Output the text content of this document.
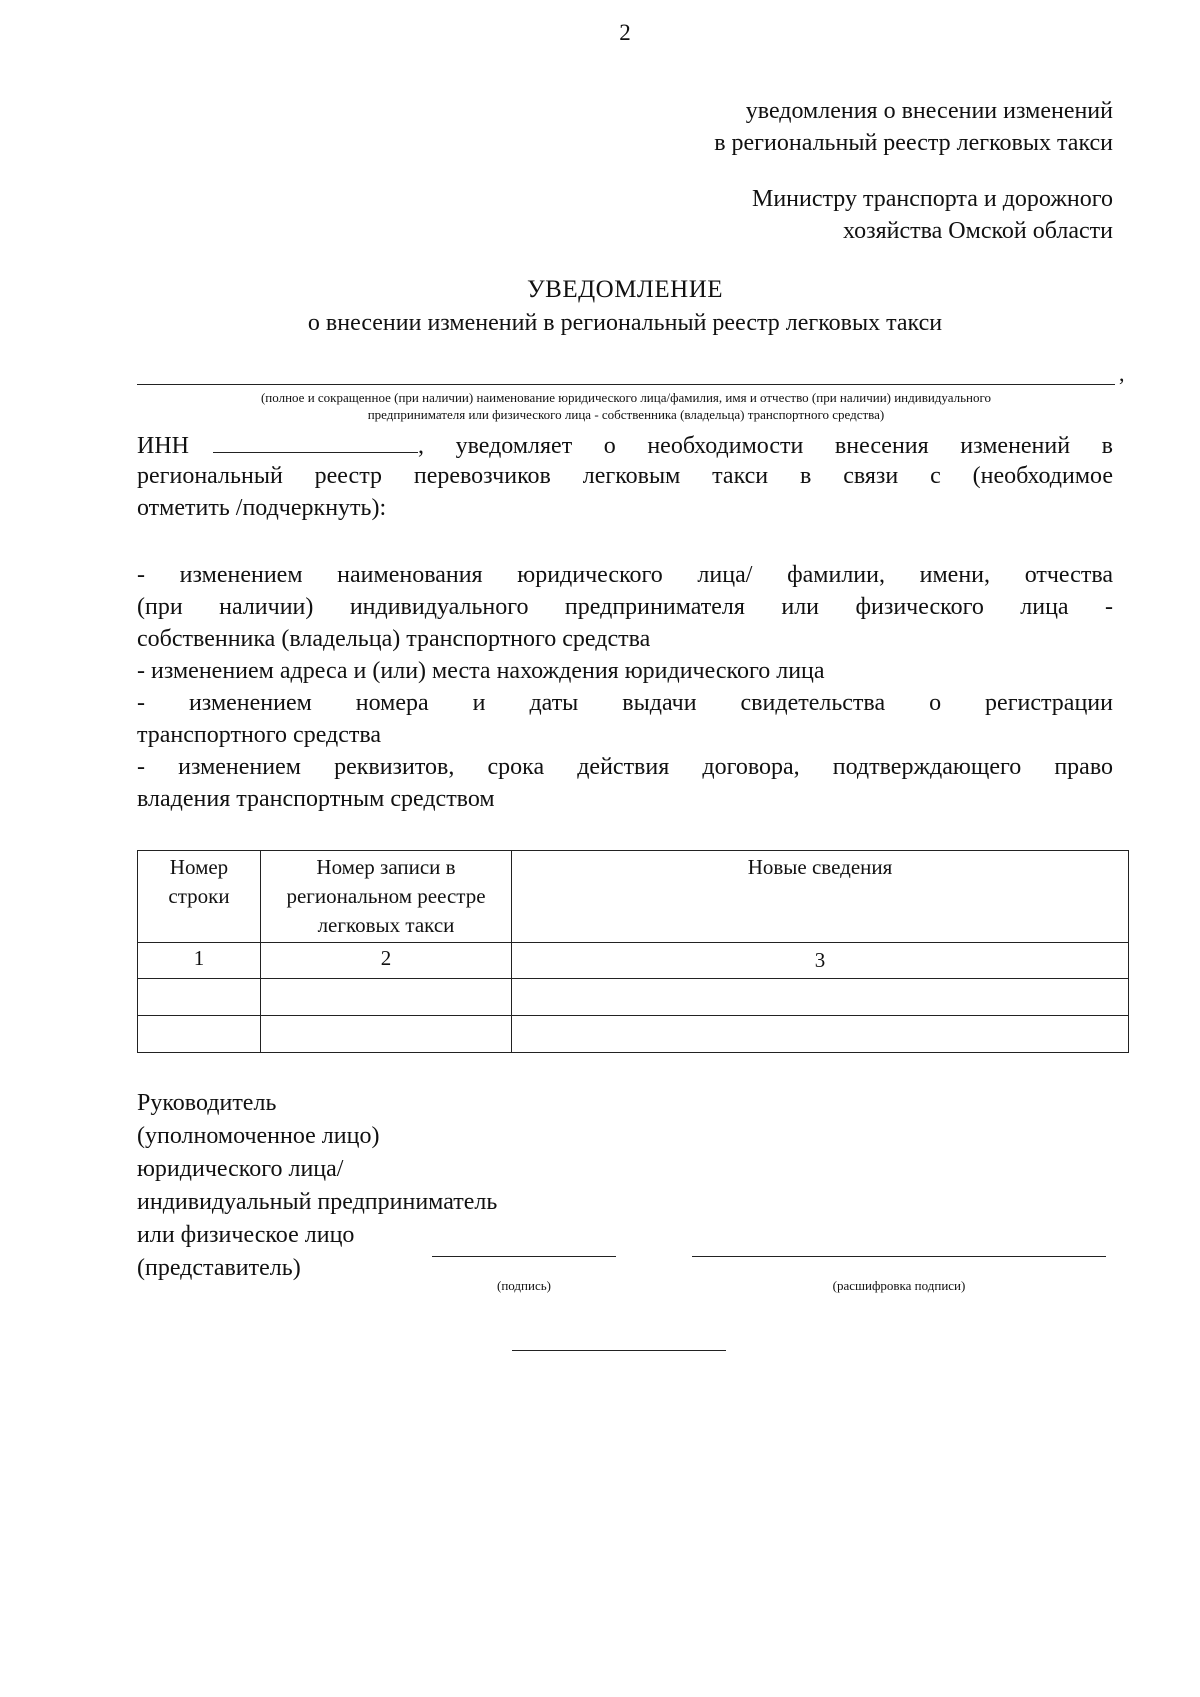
2
уведомления о внесении изменений
в региональный реестр легковых такси
Министру транспорта и дорожного
хозяйства Омской области
УВЕДОМЛЕНИЕ
о внесении изменений в региональный реестр легковых такси
,
(полное и сокращенное (при наличии) наименование юридического лица/фамилия, имя и отчество (при наличии) индивидуального
предпринимателя или физического лица - собственника (владельца) транспортного средства)
ИНН	, уведомляет о необходимости внесения изменений в
региональный реестр перевозчиков легковым такси в связи с (необходимое
отметить /подчеркнуть):
- изменением наименования юридического лица/ фамилии, имени, отчества
(при наличии) индивидуального предпринимателя или физического лица -
собственника (владельца) транспортного средства
- изменением адреса и (или) места нахождения юридического лица
- изменением номера и даты выдачи свидетельства о регистрации
транспортного средства
- изменением реквизитов, срока действия договора, подтверждающего право
владения транспортным средством
Номер строки	Номер записи в региональном реестре легковых такси	Новые сведения
1	2	3

Руководитель
(уполномоченное лицо)
юридического лица/
индивидуальный предприниматель
или физическое лицо
(представитель)
(подпись)	(расшифровка подписи)
